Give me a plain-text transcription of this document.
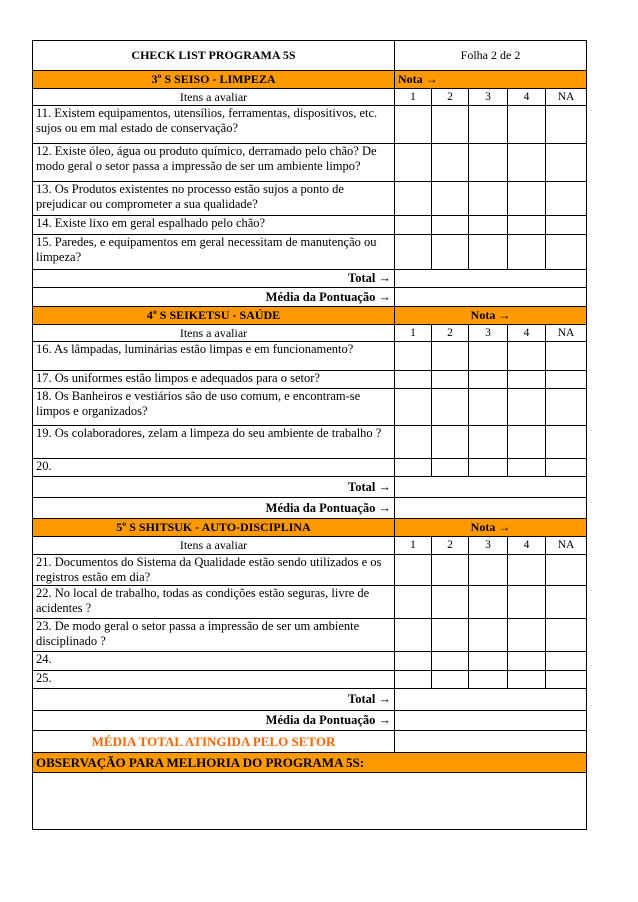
CHECK LIST PROGRAMA 5S	Folha 2 de 2				
3º S SEISO - LIMPEZA	Nota →				
Itens a avaliar	1	2	3	4	NA
11. Existem equipamentos, utensílios, ferramentas, dispositivos, etc. sujos ou em mal estado de conservação?					
12. Existe óleo, água ou produto químico, derramado pelo chão? De modo geral o setor passa a impressão de ser um ambiente limpo?					
13. Os Produtos existentes no processo estão sujos a ponto de prejudicar ou comprometer a sua qualidade?					
14. Existe lixo em geral espalhado pelo chão?					
15. Paredes, e equipamentos em geral necessitam de manutenção ou limpeza?					
Total →					
Média da Pontuação →					
4º S SEIKETSU - SAÚDE	Nota →				
Itens a avaliar	1	2	3	4	NA
16. As lâmpadas, luminárias estão limpas e em funcionamento?					
17. Os uniformes estão limpos e adequados para o setor?					
18. Os Banheiros e vestiários são de uso comum, e encontram-se limpos e organizados?					
19. Os colaboradores, zelam a limpeza do seu ambiente de trabalho ?					
20.					
Total →					
Média da Pontuação →					
5º S SHITSUK - AUTO-DISCIPLINA	Nota →				
Itens a avaliar	1	2	3	4	NA
21. Documentos do Sistema da Qualidade estão sendo utilizados e os registros estão em dia?					
22. No local de trabalho, todas as condições estão seguras, livre de acidentes ?					
23. De modo geral o setor passa a impressão de ser um ambiente disciplinado ?					
24.					
25.					
Total →					
Média da Pontuação →					
MÉDIA TOTAL ATINGIDA PELO SETOR					
OBSERVAÇÃO PARA MELHORIA DO PROGRAMA 5S:					
